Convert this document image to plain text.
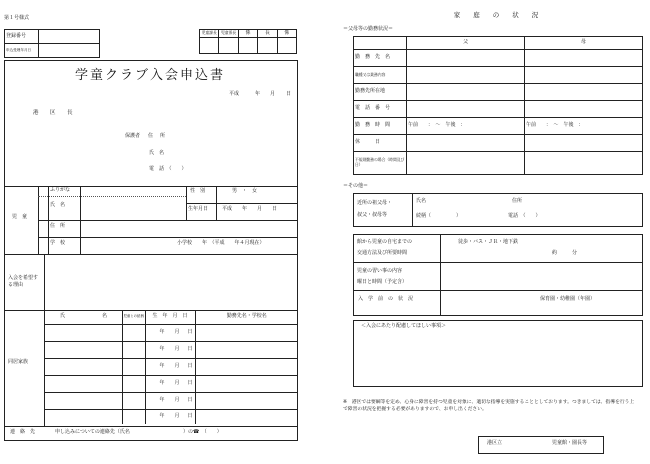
第１号様式
登録番号	
申込受理年月日	
児童課長	児童係長	係	長	係

学童クラブ入会申込書
平成	年 月 日
港 区 長
保護者 住 所
氏　名
電　話　（　　）
児　童
ふりがな
氏　名
性　別	男　・　女
生年月日	平成　　年　　月　　日
住　所
学　校	小学校　　年　（平成　　年４月現在）
入会を希望する理由
同居家族
氏 名	児童との続柄	生　年　月　日	勤務先名・学校名
		年 月 日	
		年 月 日	
		年 月 日	
		年 月 日	
		年 月 日	
		年 月 日	
連　絡　先	申し込みについての連絡先（氏名	）の☎　（　　）
家　　庭　　の　　状　　況
＝父母等の勤務状況＝
	父	母
勤　務　先　名		
職種又は業務内容		
勤務先所在地		
電　話　番　号		
勤　務　時　間	午前　　：　～　午後　：	午前　　：　～　午後　：
休　　　日		
不規則勤務の場合（時間及び日）		
＝その他＝
近所の祖父母・
叔父・叔母等
氏名	住所
続柄（　　　　　）	電話　（　　）
館から児童の自宅までの
交通方法及び所要時間
徒歩・バス・ＪＲ・地下鉄
約　　　分
児童の習い事の内容
曜日と時間（予定含）
入　学　前　の　状　況	保育園・幼稚園（年園）
＜入会にあたり配慮してほしい事項＞
※　港区では要綱等を定め、心身に障害を持つ児童を対象に、適切な指導を実施することとしております。つきましては、指導を行う上で障害の状況を把握する必要がありますので、お申し出ください。
港区立	児童館・園長等
